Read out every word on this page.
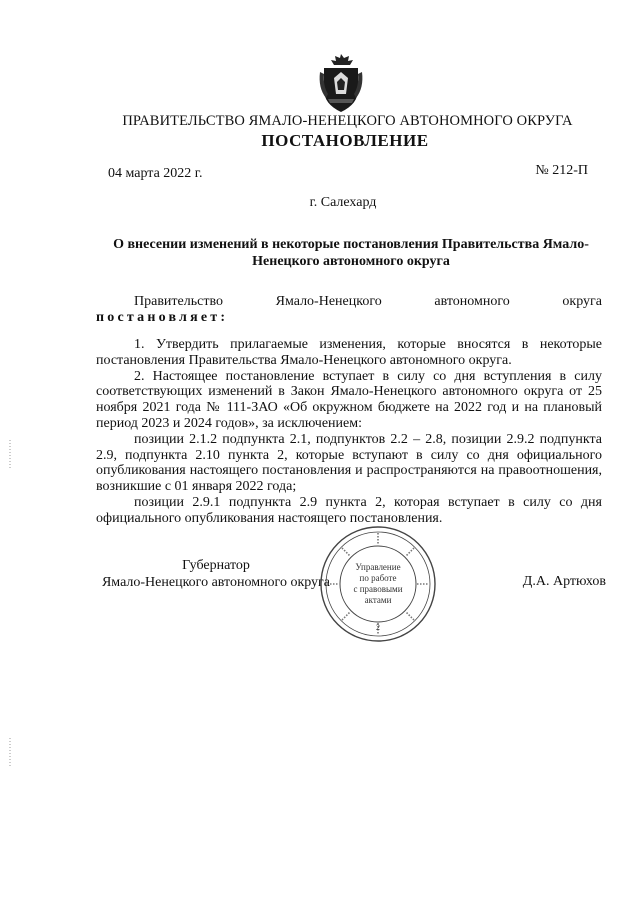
ПРАВИТЕЛЬСТВО ЯМАЛО-НЕНЕЦКОГО АВТОНОМНОГО ОКРУГА
ПОСТАНОВЛЕНИЕ
04 марта 2022 г.	№ 212-П
г. Салехард
О внесении изменений в некоторые постановления Правительства Ямало-Ненецкого автономного округа
Правительство	Ямало-Ненецкого	автономного	округа
постановляет:

1. Утвердить прилагаемые изменения, которые вносятся в некоторые постановления Правительства Ямало-Ненецкого автономного округа.

2. Настоящее постановление вступает в силу со дня вступления в силу соответствующих изменений в Закон Ямало-Ненецкого автономного округа от 25 ноября 2021 года № 111-ЗАО «Об окружном бюджете на 2022 год и на плановый период 2023 и 2024 годов», за исключением:

позиции 2.1.2 подпункта 2.1, подпунктов 2.2 – 2.8, позиции 2.9.2 подпункта 2.9, подпункта 2.10 пункта 2, которые вступают в силу со дня официального опубликования настоящего постановления и распространяются на правоотношения, возникшие с 01 января 2022 года;

позиции 2.9.1 подпункта 2.9 пункта 2, которая вступает в силу со дня официального опубликования настоящего постановления.

Губернатор
Ямало-Ненецкого автономного округа	Д.А. Артюхов
Управление
по работе
с правовыми
актами
2
